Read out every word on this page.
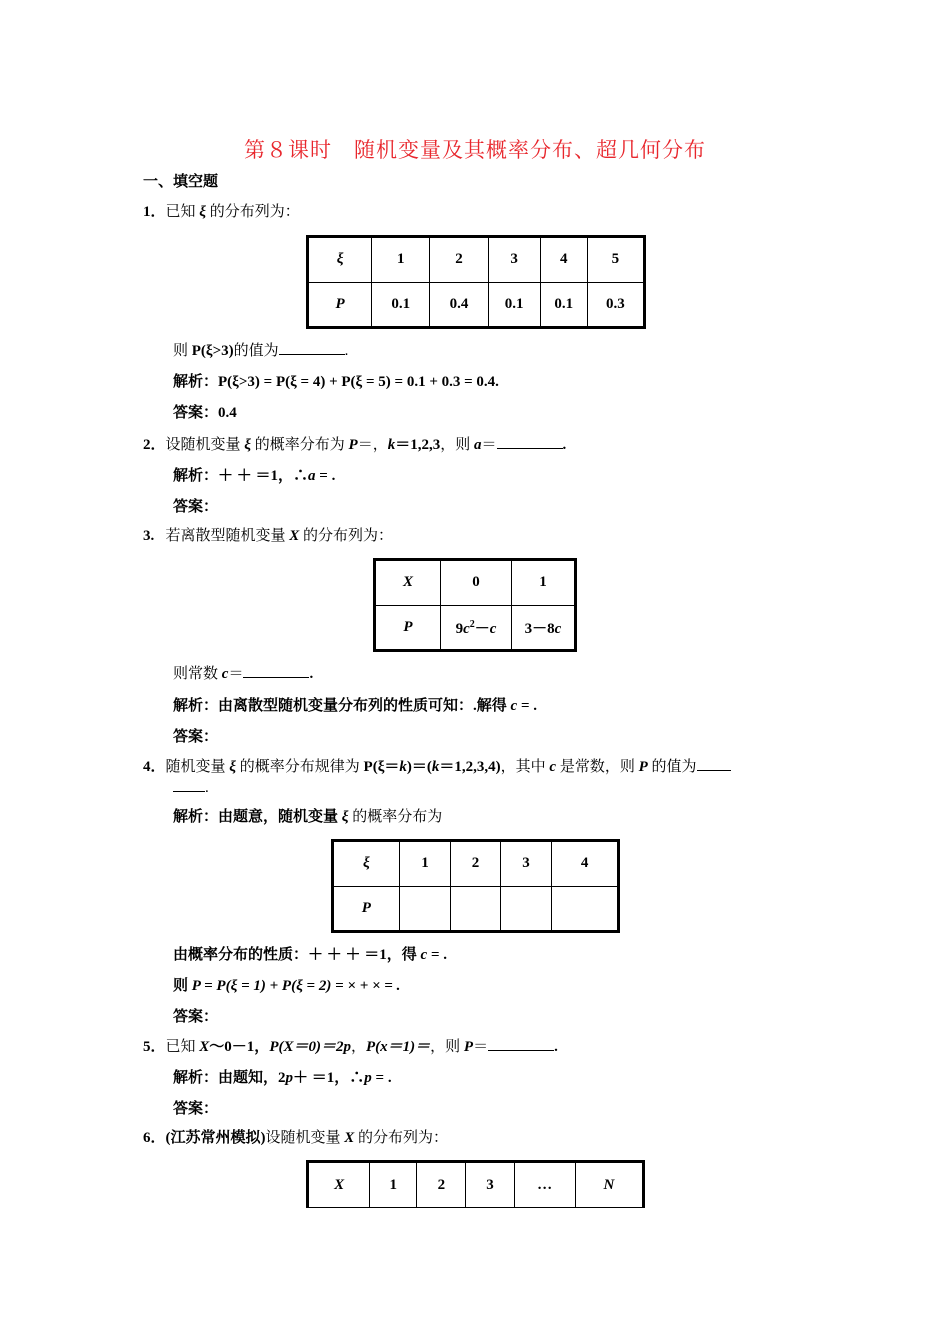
第８课时　随机变量及其概率分布、超几何分布
一、填空题
1．已知 ξ 的分布列为：
ξ	1	2	3	4	5
P	0.1	0.4	0.1	0.1	0.3
则 P(ξ>3)的值为	.
解析：P(ξ>3) = P(ξ = 4) + P(ξ = 5) = 0.1 + 0.3 = 0.4.
答案：0.4
2．设随机变量 ξ 的概率分布为 P＝，k＝1,2,3，则 a＝	.
解析：＋ ＋ ＝1，∴a = .
答案：
3. 若离散型随机变量 X 的分布列为：
X	0	1
P	$9c^2-c$	3－8c
则常数 c＝	.
解析：由离散型随机变量分布列的性质可知：.解得 c = .
答案：
4．随机变量 ξ 的概率分布规律为 P(ξ＝k)＝(k＝1,2,3,4)，其中 c 是常数，则 P 的值为
.
解析：由题意，随机变量 ξ 的概率分布为
ξ	1	2	3	4
P				
由概率分布的性质：＋ ＋ ＋ ＝1，得 c = .
则 P = P(ξ = 1) + P(ξ = 2) = × + × = .
答案：
5．已知 X～0－1，P(X＝0)＝2p，P(x＝1)＝，则 P＝	.
解析：由题知，2p＋ ＝1，∴p = .
答案：
6．(江苏常州模拟)设随机变量 X 的分布列为：
X	1	2	3	…	N
